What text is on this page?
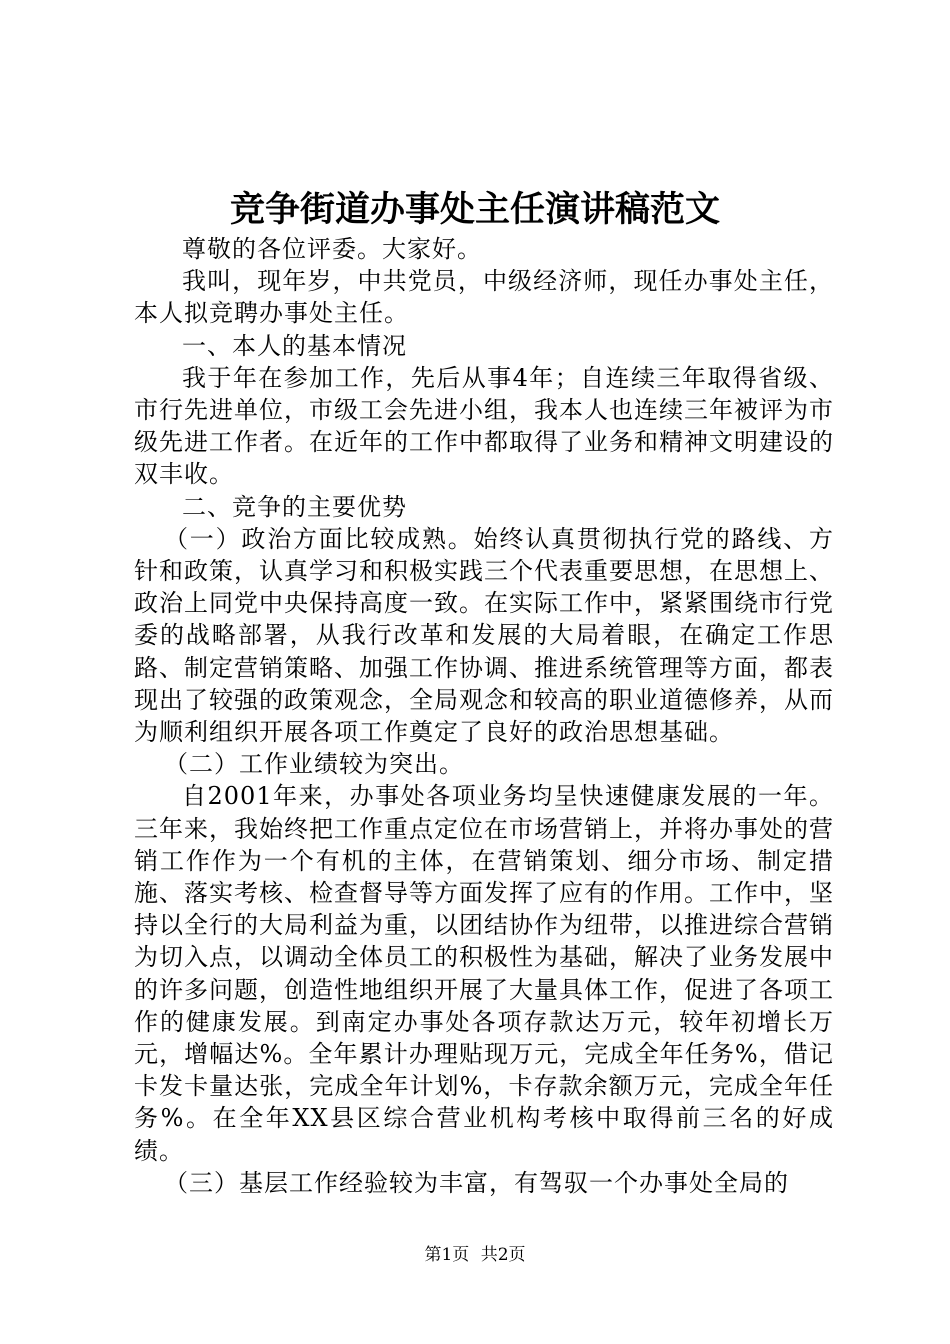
竞争街道办事处主任演讲稿范文

尊敬的各位评委。大家好。

我叫，现年岁，中共党员，中级经济师，现任办事处主任，本人拟竞聘办事处主任。

一、本人的基本情况

我于年在参加工作，先后从事4年；自连续三年取得省级、市行先进单位，市级工会先进小组，我本人也连续三年被评为市级先进工作者。在近年的工作中都取得了业务和精神文明建设的双丰收。

二、竞争的主要优势

（一）政治方面比较成熟。始终认真贯彻执行党的路线、方针和政策，认真学习和积极实践三个代表重要思想，在思想上、政治上同党中央保持高度一致。在实际工作中，紧紧围绕市行党委的战略部署，从我行改革和发展的大局着眼，在确定工作思路、制定营销策略、加强工作协调、推进系统管理等方面，都表现出了较强的政策观念，全局观念和较高的职业道德修养，从而为顺利组织开展各项工作奠定了良好的政治思想基础。

（二）工作业绩较为突出。

自2001年来，办事处各项业务均呈快速健康发展的一年。三年来，我始终把工作重点定位在市场营销上，并将办事处的营销工作作为一个有机的主体，在营销策划、细分市场、制定措施、落实考核、检查督导等方面发挥了应有的作用。工作中，坚持以全行的大局利益为重，以团结协作为纽带，以推进综合营销为切入点，以调动全体员工的积极性为基础，解决了业务发展中的许多问题，创造性地组织开展了大量具体工作，促进了各项工作的健康发展。到南定办事处各项存款达万元，较年初增长万元，增幅达%。全年累计办理贴现万元，完成全年任务%，借记卡发卡量达张，完成全年计划%，卡存款余额万元，完成全年任务%。在全年XX县区综合营业机构考核中取得前三名的好成绩。

（三）基层工作经验较为丰富，有驾驭一个办事处全局的

第1页 共2页
